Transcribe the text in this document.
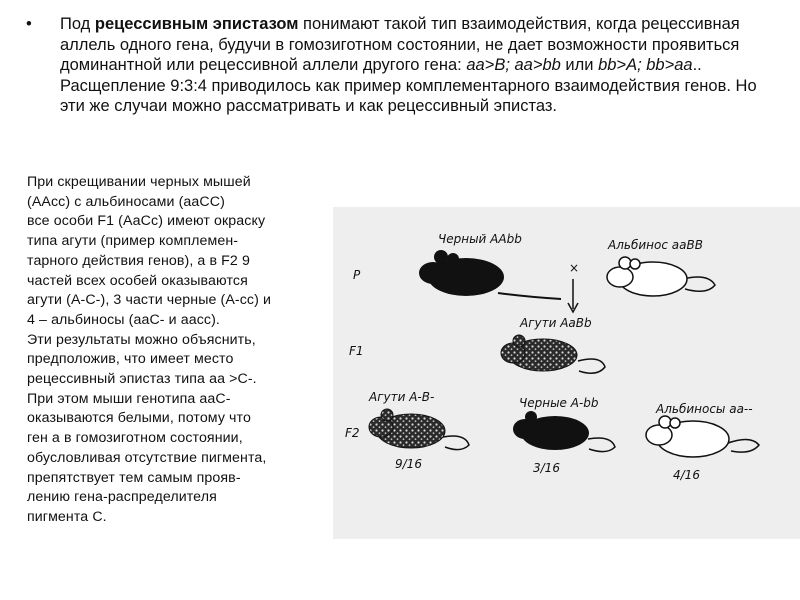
• Под рецессивным эпистазом понимают такой тип взаимодействия, когда рецессивная аллель одного гена, будучи в гомозиготном состоянии, не дает возможности проявиться доминантной или рецессивной аллели другого гена: аа>В; аа>bb или bb>A; bb>аа.. Расщепление 9:3:4 приводилось как пример комплементарного взаимодействия генов. Но эти же случаи можно рассматривать и как рецессивный эпистаз.
При скрещивании черных мышей
(ААсс) с альбиносами (ааСС)
все особи F1 (АаСс) имеют окраску
типа агути (пример комплемен-
тарного действия генов), а в F2 9
частей всех особей оказываются
агути (А-С-), 3 части черные (А-сс) и
4 – альбиносы (ааС- и аасс).
Эти результаты можно объяснить,
предположив, что имеет место
рецессивный эпистаз типа аа >С-.
При этом мыши генотипа ааС-
оказываются белыми, потому что
ген а в гомозиготном состоянии,
обусловливая отсутствие пигмента,
препятствует тем самым прояв-
лению гена-распределителя
пигмента С.
P
F1
F2
Черный ААbb	Альбинос ааВВ
×
Агути АаВb
Агути А-В-	Черные А-bb	Альбиносы аа--
9/16	3/16	4/16
